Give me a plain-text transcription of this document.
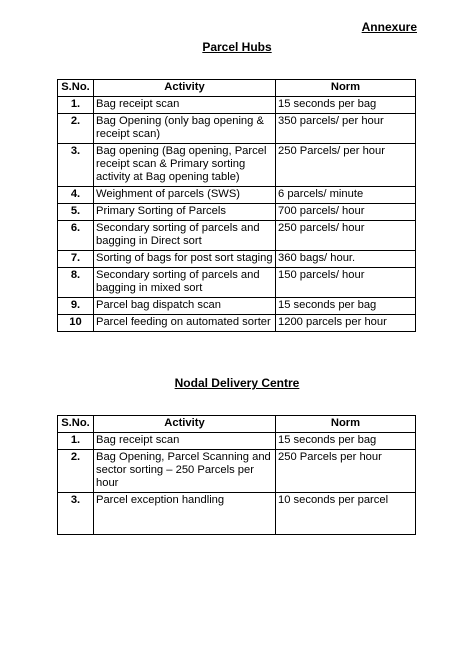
Annexure
Parcel Hubs
S.No.	Activity	Norm
1.	Bag receipt scan	15 seconds per bag
2.	Bag Opening (only bag opening & receipt scan)	350 parcels/ per hour
3.	Bag opening (Bag opening, Parcel receipt scan & Primary sorting activity at Bag opening table)	250 Parcels/ per hour
4.	Weighment of parcels (SWS)	6 parcels/ minute
5.	Primary Sorting of Parcels	700 parcels/ hour
6.	Secondary sorting of parcels and bagging in Direct sort	250 parcels/ hour
7.	Sorting of bags for post sort staging	360 bags/ hour.
8.	Secondary sorting of parcels and bagging in mixed sort	150 parcels/ hour
9.	Parcel bag dispatch scan	15 seconds per bag
10	Parcel feeding on automated sorter	1200 parcels per hour
Nodal Delivery Centre
S.No.	Activity	Norm
1.	Bag receipt scan	15 seconds per bag
2.	Bag Opening, Parcel Scanning and sector sorting – 250 Parcels per hour	250 Parcels per hour
3.	Parcel exception handling	10 seconds per parcel
